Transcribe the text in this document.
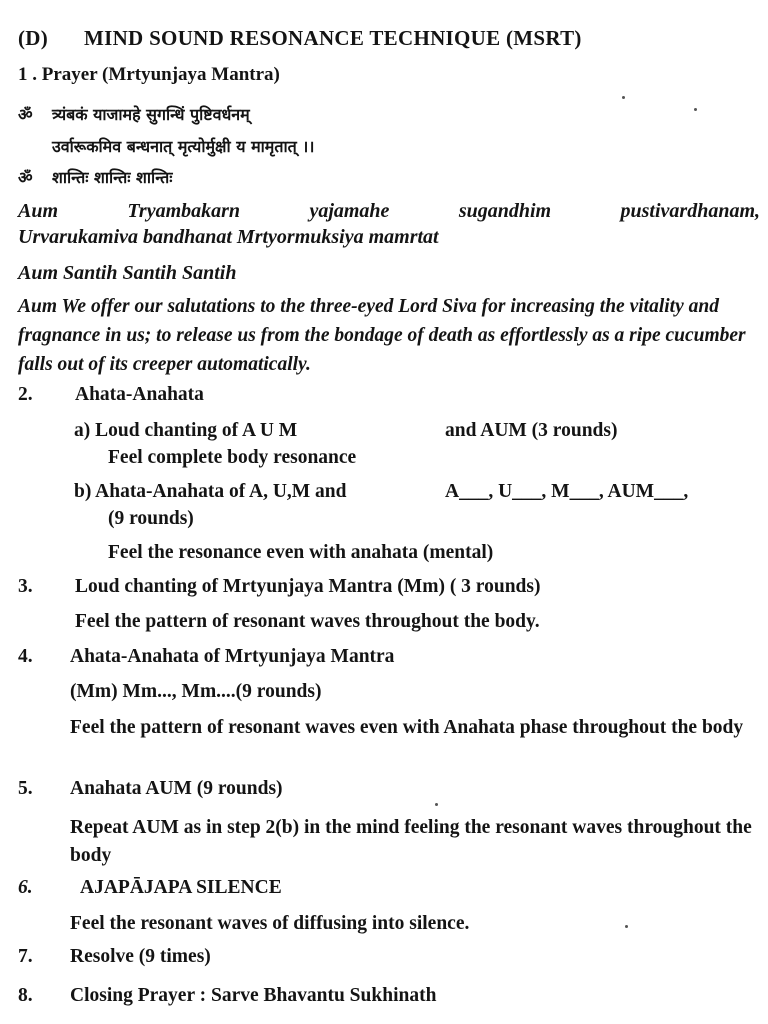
(D) MIND SOUND RESONANCE TECHNIQUE (MSRT)
1 . Prayer (Mrtyunjaya Mantra)
ॐ त्र्यंबकं याजामहे सुगन्धिं पुष्टिवर्धनम्
उर्वारूकमिव बन्धनात् मृत्योर्मुक्षी य मामृतात् ।।
ॐ शान्तिः शान्तिः शान्तिः
Aum Tryambakarn yajamahe sugandhim pustivardhanam,
Urvarukamiva bandhanat Mrtyormuksiya mamrtat
Aum Santih Santih Santih
Aum We offer our salutations to the three-eyed Lord Siva for increasing the vitality and fragnance in us; to release us from the bondage of death as effortlessly as a ripe cucumber falls out of its creeper automatically.
2. Ahata-Anahata
a) Loud chanting of A U M	and AUM (3 rounds)
Feel complete body resonance
b) Ahata-Anahata of A, U,M and	A___, U___, M___, AUM___,
(9 rounds)
Feel the resonance even with anahata (mental)
3. Loud chanting of Mrtyunjaya Mantra (Mm) ( 3 rounds)
Feel the pattern of resonant waves throughout the body.
4. Ahata-Anahata of Mrtyunjaya Mantra
(Mm) Mm..., Mm....(9 rounds)
Feel the pattern of resonant waves even with Anahata phase throughout the body
5. Anahata AUM (9 rounds)
Repeat AUM as in step 2(b) in the mind feeling the resonant waves throughout the body
6. AJAPĀJAPA SILENCE
Feel the resonant waves of diffusing into silence.
7. Resolve (9 times)
8. Closing Prayer : Sarve Bhavantu Sukhinath
